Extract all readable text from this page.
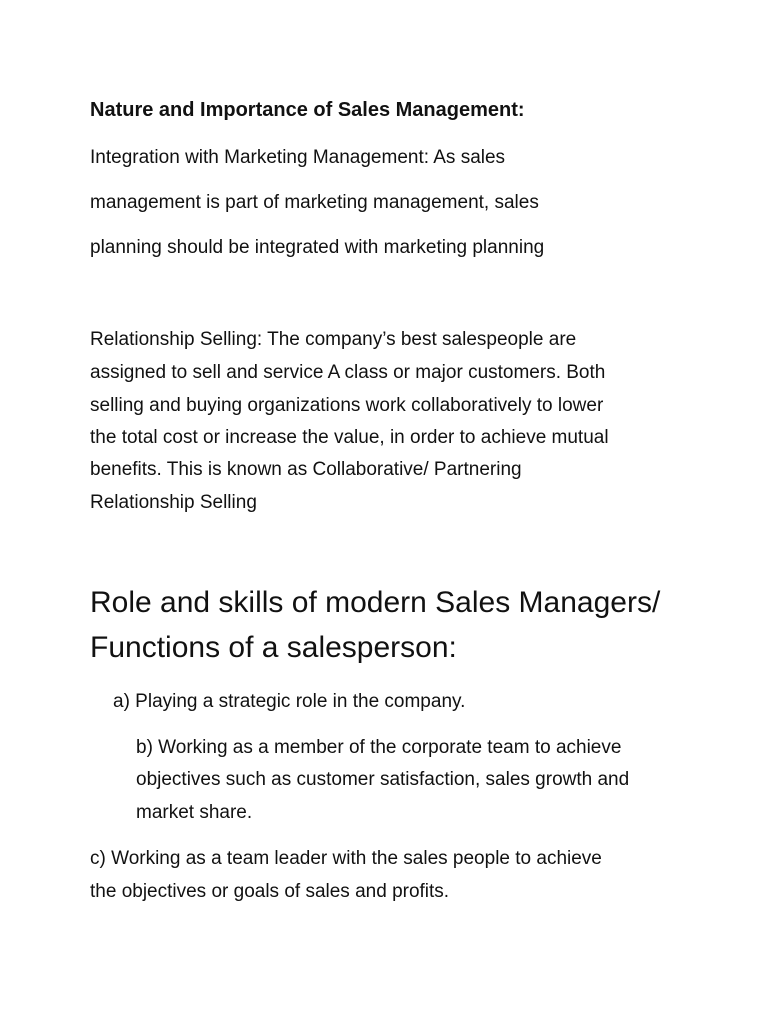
Nature and Importance of Sales Management:
Integration with Marketing Management: As sales
management is part of marketing management, sales
planning should be integrated with marketing planning
Relationship Selling: The company’s best salespeople are
assigned to sell and service A class or major customers. Both
selling and buying organizations work collaboratively to lower
the total cost or increase the value, in order to achieve mutual
benefits. This is known as Collaborative/ Partnering
Relationship Selling
Role and skills of modern Sales Managers/
Functions of a salesperson:
a) Playing a strategic role in the company.
b) Working as a member of the corporate team to achieve
objectives such as customer satisfaction, sales growth and
market share.
c) Working as a team leader with the sales people to achieve
the objectives or goals of sales and profits.
